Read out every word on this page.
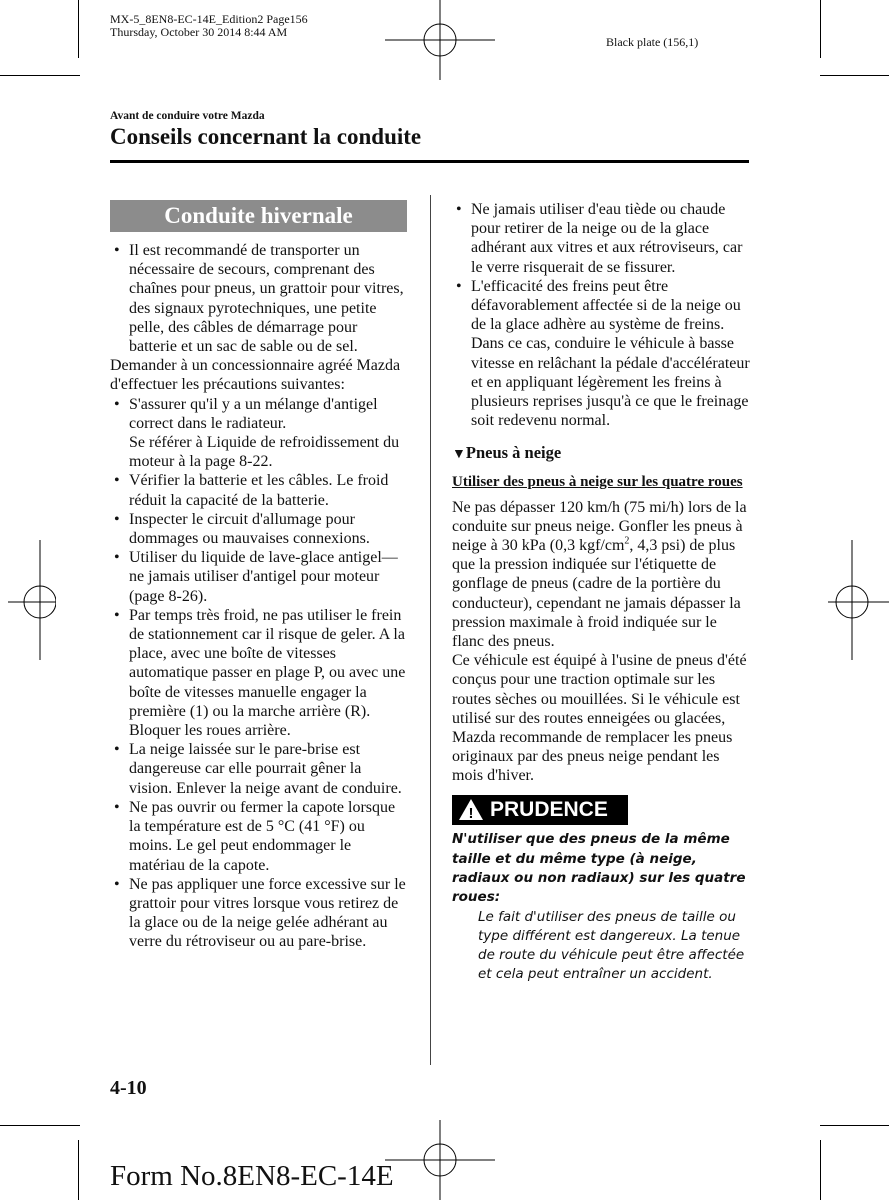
MX-5_8EN8-EC-14E_Edition2 Page156
Thursday, October 30 2014 8:44 AM
Black plate (156,1)
Avant de conduire votre Mazda
Conseils concernant la conduite
Conduite hivernale
• Il est recommandé de transporter un nécessaire de secours, comprenant des chaînes pour pneus, un grattoir pour vitres, des signaux pyrotechniques, une petite pelle, des câbles de démarrage pour batterie et un sac de sable ou de sel.

Demander à un concessionnaire agréé Mazda d'effectuer les précautions suivantes:

• S'assurer qu'il y a un mélange d'antigel correct dans le radiateur.
Se référer à Liquide de refroidissement du moteur à la page 8-22.
• Vérifier la batterie et les câbles. Le froid réduit la capacité de la batterie.
• Inspecter le circuit d'allumage pour dommages ou mauvaises connexions.
• Utiliser du liquide de lave-glace antigel—ne jamais utiliser d'antigel pour moteur (page 8-26).
• Par temps très froid, ne pas utiliser le frein de stationnement car il risque de geler. A la place, avec une boîte de vitesses automatique passer en plage P, ou avec une boîte de vitesses manuelle engager la première (1) ou la marche arrière (R). Bloquer les roues arrière.
• La neige laissée sur le pare-brise est dangereuse car elle pourrait gêner la vision. Enlever la neige avant de conduire.
• Ne pas ouvrir ou fermer la capote lorsque la température est de 5 °C (41 °F) ou moins. Le gel peut endommager le matériau de la capote.
• Ne pas appliquer une force excessive sur le grattoir pour vitres lorsque vous retirez de la glace ou de la neige gelée adhérant au verre du rétroviseur ou au pare-brise.
• Ne jamais utiliser d'eau tiède ou chaude pour retirer de la neige ou de la glace adhérant aux vitres et aux rétroviseurs, car le verre risquerait de se fissurer.
• L'efficacité des freins peut être défavorablement affectée si de la neige ou de la glace adhère au système de freins. Dans ce cas, conduire le véhicule à basse vitesse en relâchant la pédale d'accélérateur et en appliquant légèrement les freins à plusieurs reprises jusqu'à ce que le freinage soit redevenu normal.
▼Pneus à neige
Utiliser des pneus à neige sur les quatre roues

Ne pas dépasser 120 km/h (75 mi/h) lors de la conduite sur pneus neige. Gonfler les pneus à neige à 30 kPa (0,3 kgf/$cm^2$, 4,3 psi) de plus que la pression indiquée sur l'étiquette de gonflage de pneus (cadre de la portière du conducteur), cependant ne jamais dépasser la pression maximale à froid indiquée sur le flanc des pneus.

Ce véhicule est équipé à l'usine de pneus d'été conçus pour une traction optimale sur les routes sèches ou mouillées. Si le véhicule est utilisé sur des routes enneigées ou glacées, Mazda recommande de remplacer les pneus originaux par des pneus neige pendant les mois d'hiver.

! PRUDENCE
N'utiliser que des pneus de la même taille et du même type (à neige, radiaux ou non radiaux) sur les quatre roues:
Le fait d'utiliser des pneus de taille ou type différent est dangereux. La tenue de route du véhicule peut être affectée et cela peut entraîner un accident.
4-10
Form No.8EN8-EC-14E
